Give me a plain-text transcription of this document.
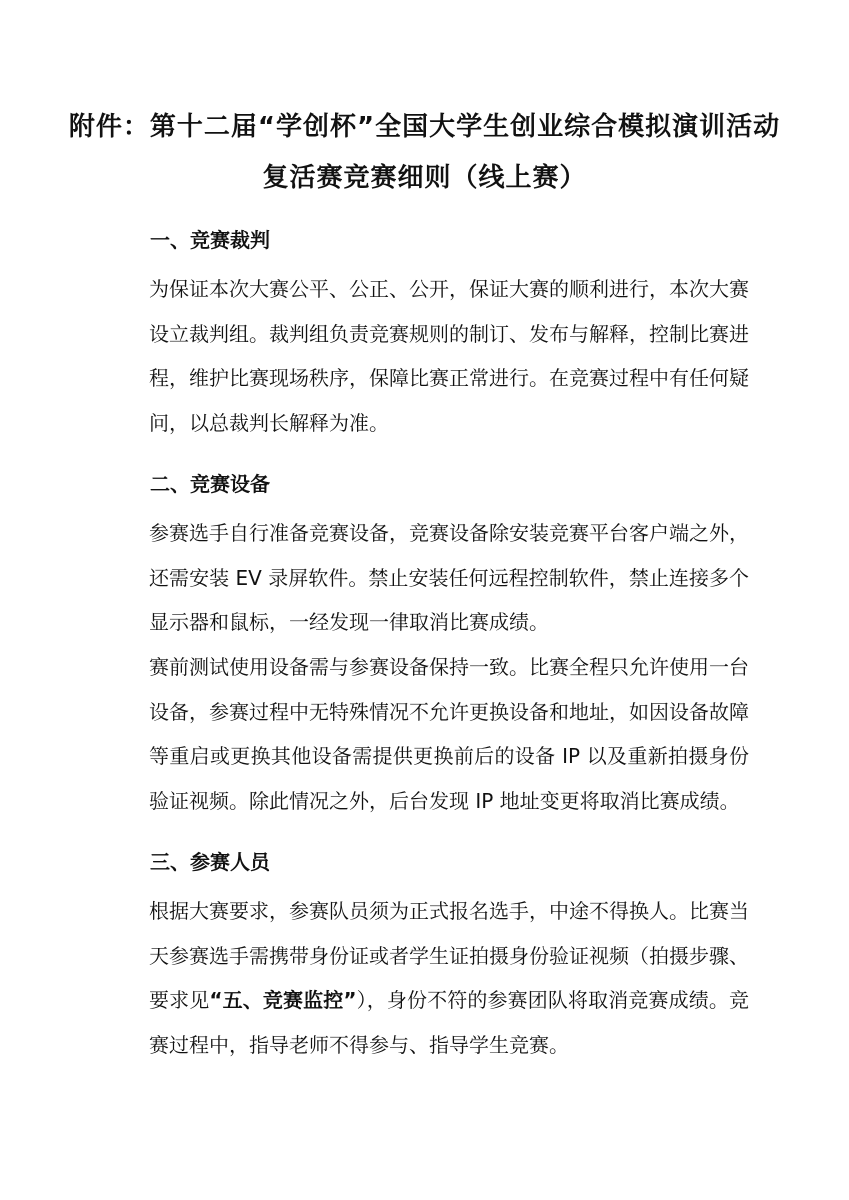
附件：第十二届“学创杯”全国大学生创业综合模拟演训活动
复活赛竞赛细则（线上赛）
一、竞赛裁判
为保证本次大赛公平、公正、公开，保证大赛的顺利进行，本次大赛设立裁判组。裁判组负责竞赛规则的制订、发布与解释，控制比赛进程，维护比赛现场秩序，保障比赛正常进行。在竞赛过程中有任何疑问，以总裁判长解释为准。
二、竞赛设备
参赛选手自行准备竞赛设备，竞赛设备除安装竞赛平台客户端之外，还需安装 EV 录屏软件。禁止安装任何远程控制软件，禁止连接多个显示器和鼠标，一经发现一律取消比赛成绩。
赛前测试使用设备需与参赛设备保持一致。比赛全程只允许使用一台设备，参赛过程中无特殊情况不允许更换设备和地址，如因设备故障等重启或更换其他设备需提供更换前后的设备 IP 以及重新拍摄身份验证视频。除此情况之外，后台发现 IP 地址变更将取消比赛成绩。
三、参赛人员
根据大赛要求，参赛队员须为正式报名选手，中途不得换人。比赛当天参赛选手需携带身份证或者学生证拍摄身份验证视频（拍摄步骤、要求见“五、竞赛监控”），身份不符的参赛团队将取消竞赛成绩。竞赛过程中，指导老师不得参与、指导学生竞赛。
